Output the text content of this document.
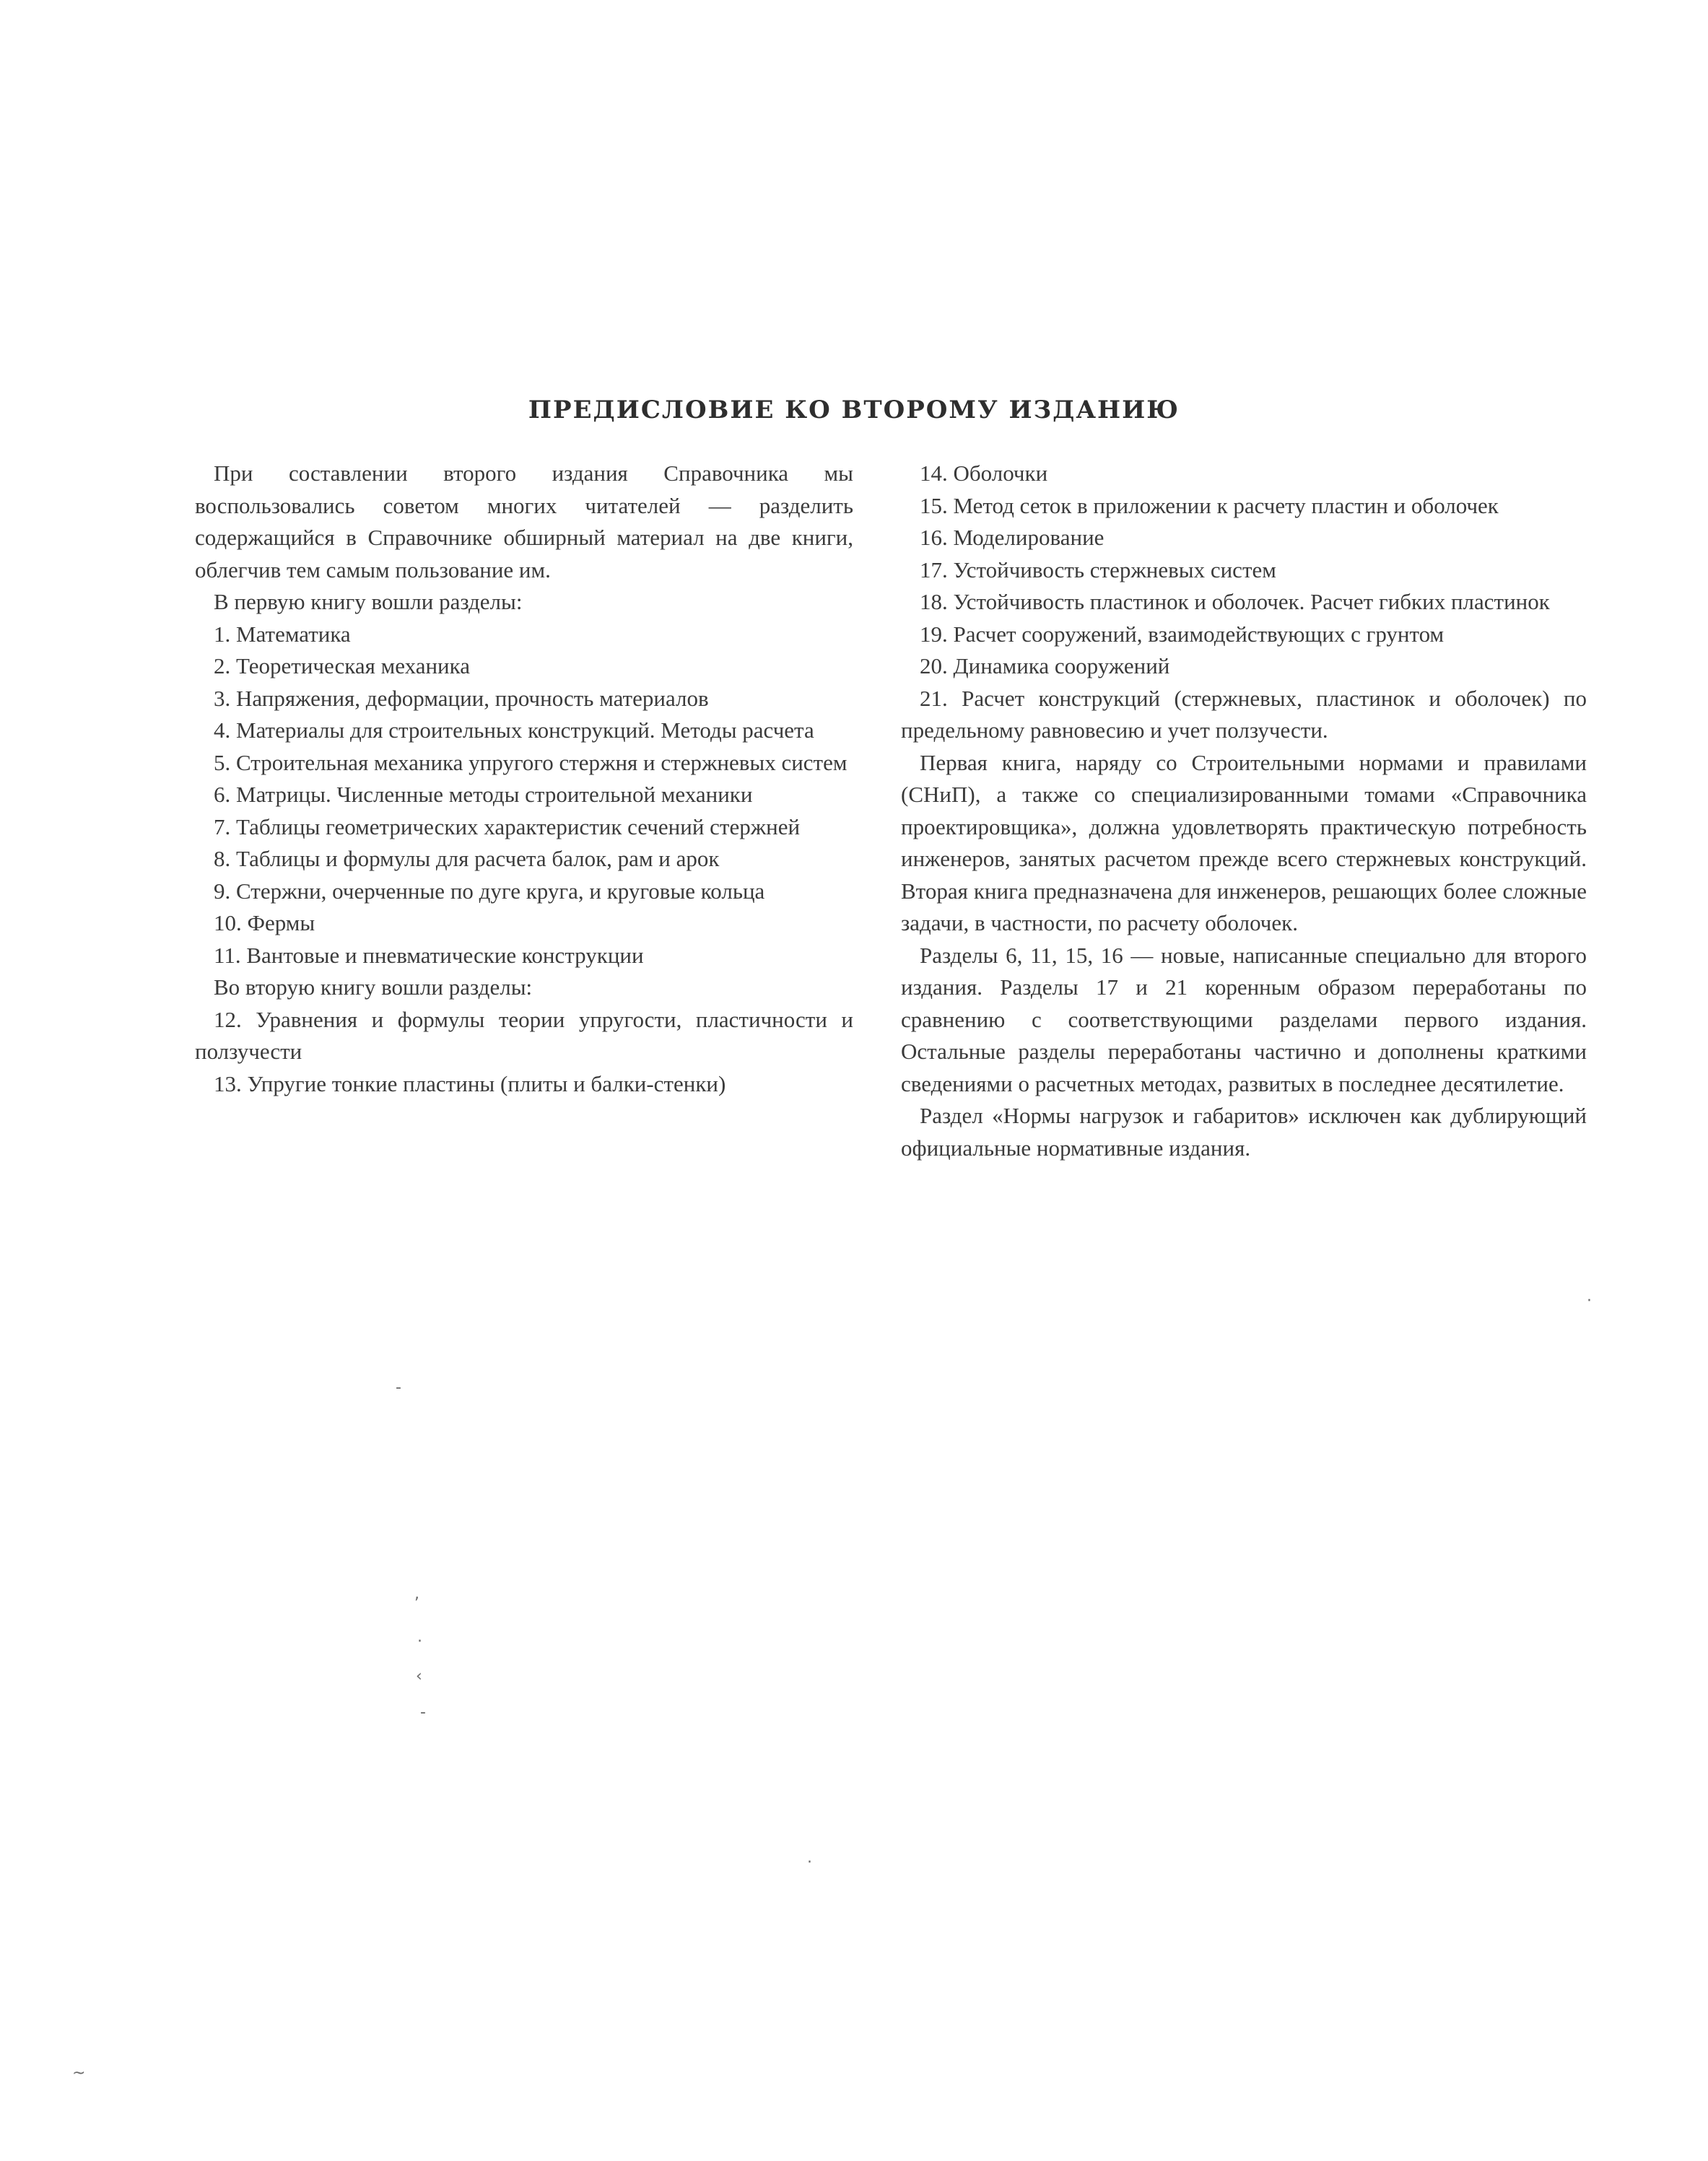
ПРЕДИСЛОВИЕ КО ВТОРОМУ ИЗДАНИЮ

При составлении второго издания Справочника мы воспользовались советом многих читателей — разделить содержащийся в Справочнике обширный материал на две книги, облегчив тем самым пользование им.

В первую книгу вошли разделы:

1. Математика

2. Теоретическая механика

3. Напряжения, деформации, прочность материалов

4. Материалы для строительных конструкций. Методы расчета

5. Строительная механика упругого стержня и стержневых систем

6. Матрицы. Численные методы строительной механики

7. Таблицы геометрических характеристик сечений стержней

8. Таблицы и формулы для расчета балок, рам и арок

9. Стержни, очерченные по дуге круга, и круговые кольца

10. Фермы

11. Вантовые и пневматические конструкции

Во вторую книгу вошли разделы:

12. Уравнения и формулы теории упругости, пластичности и ползучести

13. Упругие тонкие пластины (плиты и балки-стенки)

14. Оболочки

15. Метод сеток в приложении к расчету пластин и оболочек

16. Моделирование

17. Устойчивость стержневых систем

18. Устойчивость пластинок и оболочек. Расчет гибких пластинок

19. Расчет сооружений, взаимодействующих с грунтом

20. Динамика сооружений

21. Расчет конструкций (стержневых, пластинок и оболочек) по предельному равновесию и учет ползучести.

Первая книга, наряду со Строительными нормами и правилами (СНиП), а также со специализированными томами «Справочника проектировщика», должна удовлетворять практическую потребность инженеров, занятых расчетом прежде всего стержневых конструкций. Вторая книга предназначена для инженеров, решающих более сложные задачи, в частности, по расчету оболочек.

Разделы 6, 11, 15, 16 — новые, написанные специально для второго издания. Разделы 17 и 21 коренным образом переработаны по сравнению с соответствующими разделами первого издания. Остальные разделы переработаны частично и дополнены краткими сведениями о расчетных методах, развитых в последнее десятилетие.

Раздел «Нормы нагрузок и габаритов» исключен как дублирующий официальные нормативные издания.

-
,
·
‹
-
·
·
~
